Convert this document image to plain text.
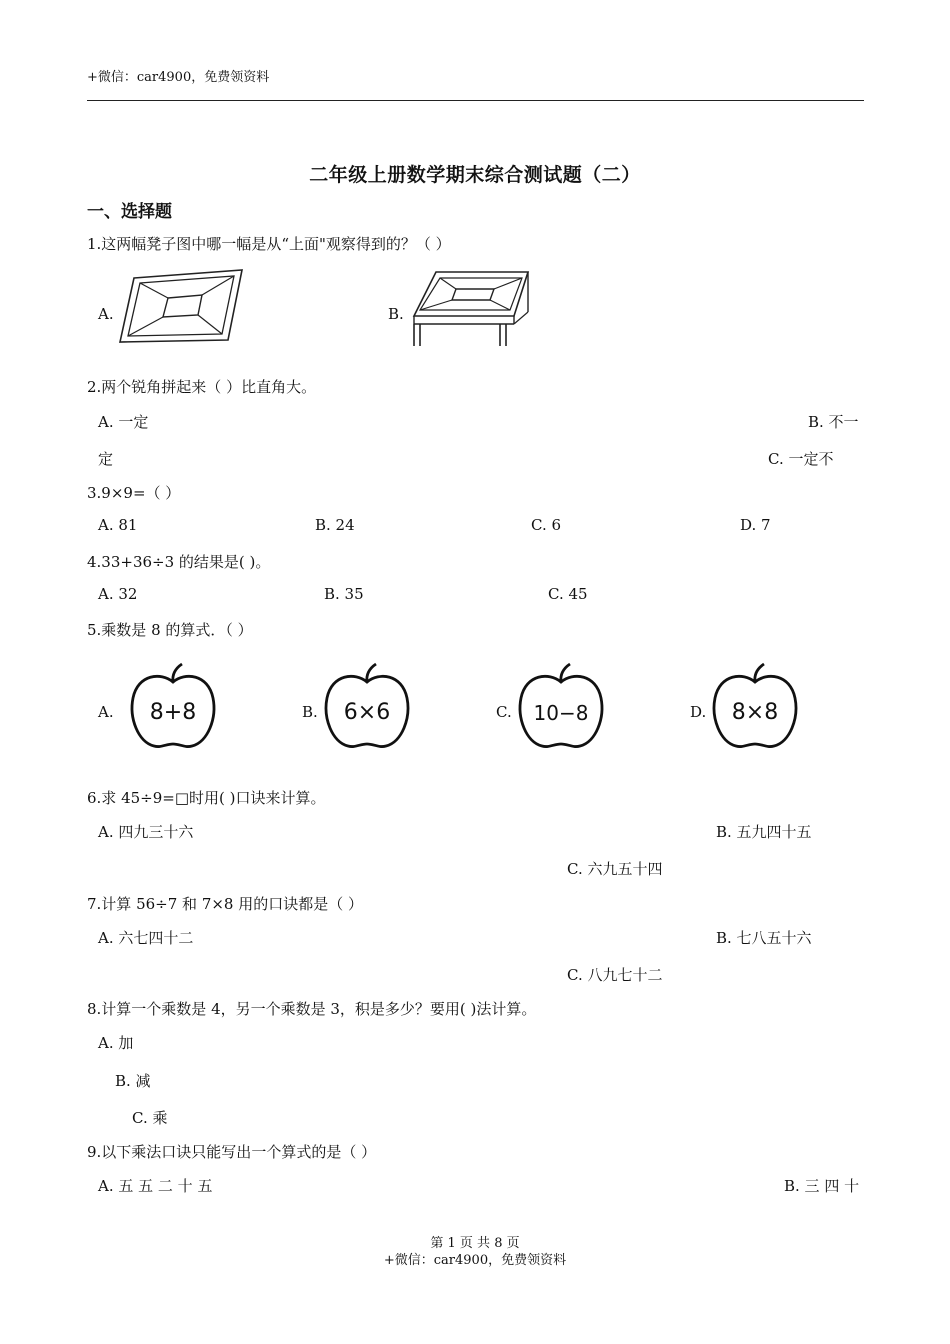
+微信：car4900，免费领资料
二年级上册数学期末综合测试题（二）
一、选择题
1.这两幅凳子图中哪一幅是从“上面"观察得到的？（ ）
A.	B.
2.两个锐角拼起来（ ）比直角大。
A. 一定	B. 不一
定	C. 一定不
3.9×9=（ ）
A. 81	B. 24	C. 6	D. 7
4.33+36÷3 的结果是( )。
A. 32	B. 35	C. 45
5.乘数是 8 的算式．（ ）
A.	8+8	B.	6×6	C.	10−8	D.	8×8
6.求 45÷9=□时用( )口诀来计算。
A. 四九三十六	B. 五九四十五
C. 六九五十四
7.计算 56÷7 和 7×8 用的口诀都是（ ）
A. 六七四十二	B. 七八五十六
C. 八九七十二
8.计算一个乘数是 4，另一个乘数是 3，积是多少？要用( )法计算。
A. 加
B. 减
C. 乘
9.以下乘法口诀只能写出一个算式的是（ ）
A. 五 五 二 十 五	B. 三 四 十
第 1 页 共 8 页
+微信：car4900，免费领资料
